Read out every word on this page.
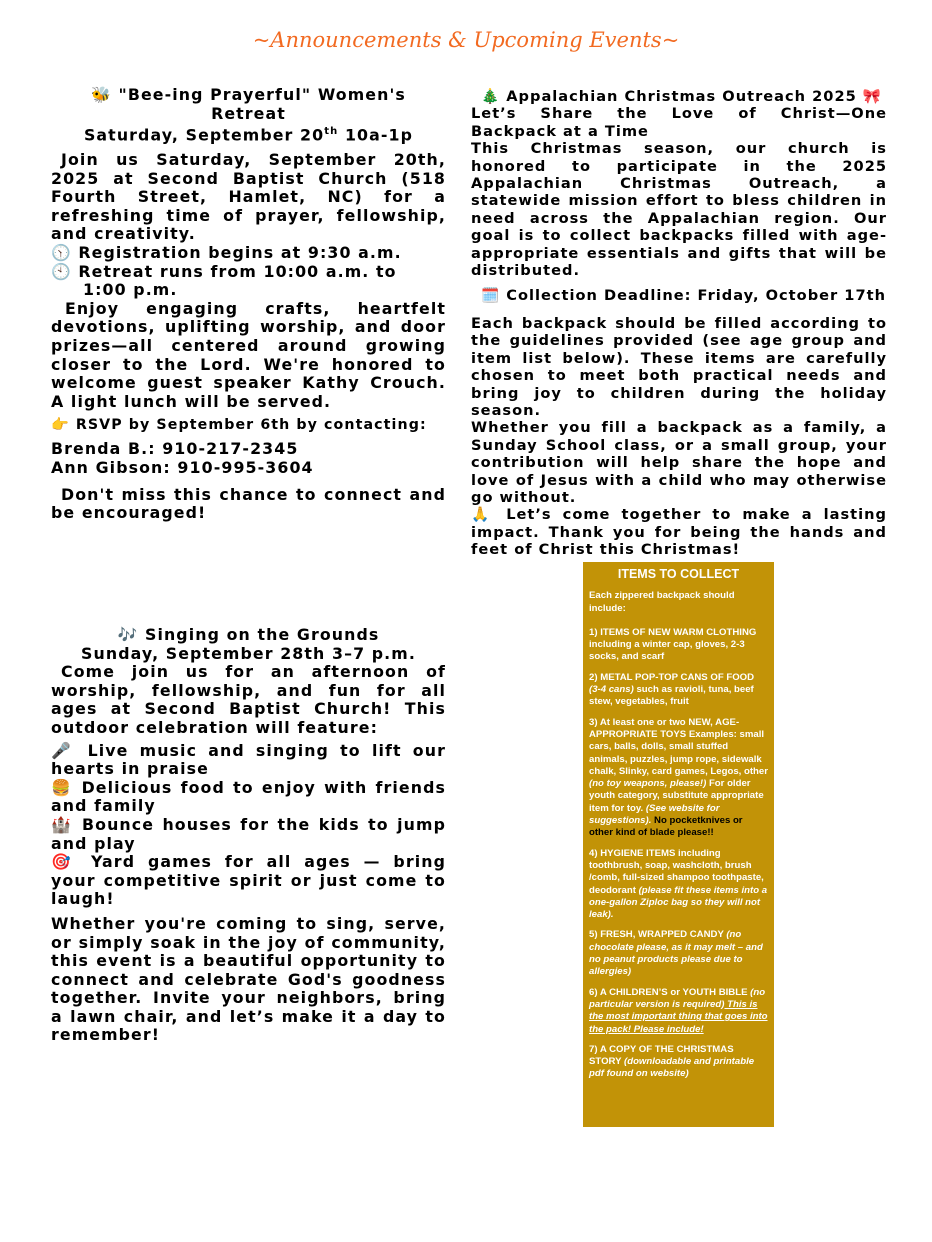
~Announcements & Upcoming Events~

🐝 "Bee-ing Prayerful" Women's Retreat

Saturday, September 20th 10a-1p

Join us Saturday, September 20th, 2025 at Second Baptist Church (518 Fourth Street, Hamlet, NC) for a refreshing time of prayer, fellowship, and creativity.

🕥 Registration begins at 9:30 a.m.

🕙 Retreat runs from 10:00 a.m. to 1:00 p.m.

Enjoy engaging crafts, heartfelt devotions, uplifting worship, and door prizes—all centered around growing closer to the Lord. We're honored to welcome guest speaker Kathy Crouch. A light lunch will be served.

👉 RSVP by September 6th by contacting:

Brenda B.: 910-217-2345

Ann Gibson: 910-995-3604

Don't miss this chance to connect and be encouraged!

🎶 Singing on the Grounds

Sunday, September 28th 3–7 p.m.

Come join us for an afternoon of worship, fellowship, and fun for all ages at Second Baptist Church! This outdoor celebration will feature:

🎤 Live music and singing to lift our hearts in praise

🍔 Delicious food to enjoy with friends and family

🏰 Bounce houses for the kids to jump and play

🎯 Yard games for all ages — bring your competitive spirit or just come to laugh!

Whether you're coming to sing, serve, or simply soak in the joy of community, this event is a beautiful opportunity to connect and celebrate God's goodness together. Invite your neighbors, bring a lawn chair, and let’s make it a day to remember!

🎄 Appalachian Christmas Outreach 2025 🎀

Let’s Share the Love of Christ—One Backpack at a Time

This Christmas season, our church is honored to participate in the 2025 Appalachian Christmas Outreach, a statewide mission effort to bless children in need across the Appalachian region. Our goal is to collect backpacks filled with age-appropriate essentials and gifts that will be distributed.

🗓️ Collection Deadline: Friday, October 17th

Each backpack should be filled according to the guidelines provided (see age group and item list below). These items are carefully chosen to meet both practical needs and bring joy to children during the holiday season.

Whether you fill a backpack as a family, a Sunday School class, or a small group, your contribution will help share the hope and love of Jesus with a child who may otherwise go without.

🙏 Let’s come together to make a lasting impact. Thank you for being the hands and feet of Christ this Christmas!

ITEMS TO COLLECT

Each zippered backpack should include:

1) ITEMS OF NEW WARM CLOTHING including a winter cap, gloves, 2-3 socks, and scarf

2) METAL POP-TOP CANS OF FOOD (3-4 cans) such as ravioli, tuna, beef stew, vegetables, fruit

3) At least one or two NEW, AGE-APPROPRIATE TOYS Examples: small cars, balls, dolls, small stuffed animals, puzzles, jump rope, sidewalk chalk, Slinky, card games, Legos, other (no toy weapons, please!) For older youth category, substitute appropriate item for toy. (See website for suggestions). No pocketknives or other kind of blade please!!

4) HYGIENE ITEMS including toothbrush, soap, washcloth, brush /comb, full-sized shampoo toothpaste, deodorant (please fit these items into a one-gallon Ziploc bag so they will not leak).

5) FRESH, WRAPPED CANDY (no chocolate please, as it may melt – and no peanut products please due to allergies)

6) A CHILDREN’S or YOUTH BIBLE (no particular version is required) This is the most important thing that goes into the pack! Please include!

7) A COPY OF THE CHRISTMAS STORY (downloadable and printable pdf found on website)
